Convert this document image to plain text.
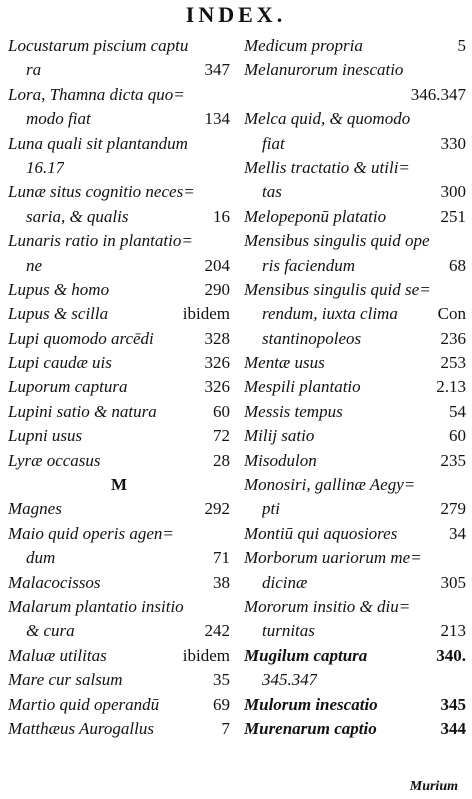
INDEX.
Locustarum piscium captu
ra	347
Lora, Thamna dicta quo=
modo fiat	134
Luna quali sit plantandum
16.17
Lunæ situs cognitio neces=
saria, & qualis	16
Lunaris ratio in plantatio=
ne	204
Lupus & homo	290
Lupus & scilla	ibidem
Lupi quomodo arcēdi	328
Lupi caudæ uis	326
Luporum captura	326
Lupini satio & natura	60
Lupni usus	72
Lyræ occasus	28
M
Magnes	292
Maio quid operis agen=
dum	71
Malacocissos	38
Malarum plantatio insitio
& cura	242
Maluæ utilitas	ibidem
Mare cur salsum	35
Martio quid operandū	69
Matthæus Aurogallus	7
Medicum propria	5
Melanurorum inescatio
346.347
Melca quid, & quomodo
fiat	330
Mellis tractatio & utili=
tas	300
Melopeponū platatio	251
Mensibus singulis quid ope
ris faciendum	68
Mensibus singulis quid se=
rendum, iuxta clima	Con
stantinopoleos	236
Mentæ usus	253
Mespili plantatio	2.13
Messis tempus	54
Milij satio	60
Misodulon	235
Monosiri, gallinæ Aegy=
pti	279
Montiū qui aquosiores	34
Morborum uariorum me=
dicinæ	305
Mororum insitio & diu=
turnitas	213
Mugilum captura	340.
345.347
Mulorum inescatio	345
Murenarum captio	344
Murium
